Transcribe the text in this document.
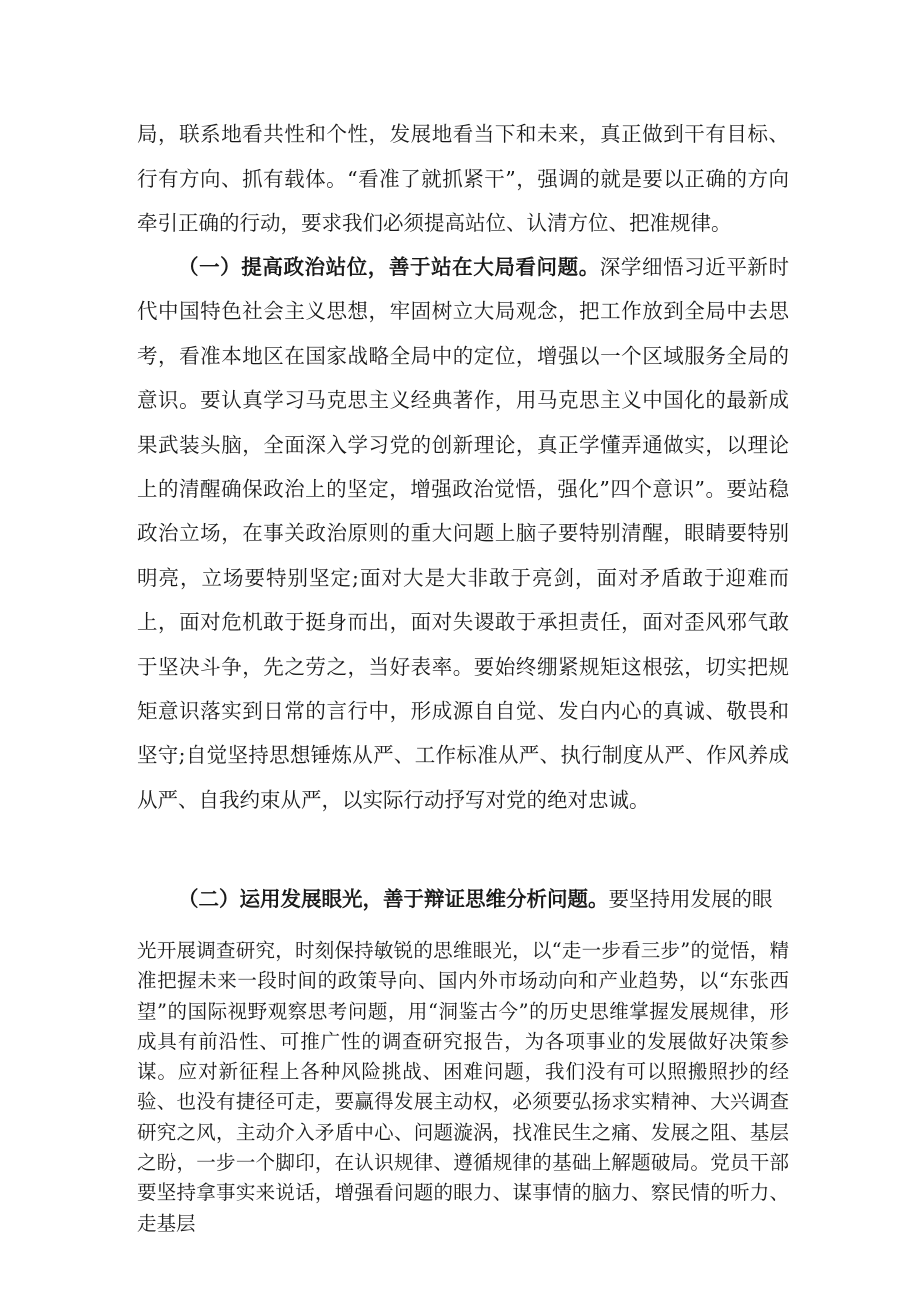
局，联系地看共性和个性，发展地看当下和未来，真正做到干有目标、行有方向、抓有载体。“看准了就抓紧干”，强调的就是要以正确的方向牵引正确的行动，要求我们必须提高站位、认清方位、把准规律。

（一）提高政治站位，善于站在大局看问题。深学细悟习近平新时代中国特色社会主义思想，牢固树立大局观念，把工作放到全局中去思考，看准本地区在国家战略全局中的定位，增强以一个区域服务全局的意识。要认真学习马克思主义经典著作，用马克思主义中国化的最新成果武装头脑，全面深入学习党的创新理论，真正学懂弄通做实，以理论上的清醒确保政治上的坚定，增强政治觉悟，强化”四个意识”。要站稳政治立场，在事关政治原则的重大问题上脑子要特别清醒，眼睛要特别明亮，立场要特别坚定;面对大是大非敢于亮剑，面对矛盾敢于迎难而上，面对危机敢于挺身而出，面对失谡敢于承担责任，面对歪风邪气敢于坚决斗争，先之劳之，当好表率。要始终绷紧规矩这根弦，切实把规矩意识落实到日常的言行中，形成源自自觉、发白内心的真诚、敬畏和坚守;自觉坚持思想锤炼从严、工作标准从严、执行制度从严、作风养成从严、自我约束从严，以实际行动抒写对党的绝对忠诚。

（二）运用发展眼光，善于辩证思维分析问题。要坚持用发展的眼

光开展调查研究，时刻保持敏锐的思维眼光，以“走一步看三步”的觉悟，精准把握未来一段时间的政策导向、国内外市场动向和产业趋势，以“东张西望”的国际视野观察思考问题，用“洞鉴古今”的历史思维掌握发展规律，形成具有前沿性、可推广性的调查研究报告，为各项事业的发展做好决策参谋。应对新征程上各种风险挑战、困难问题，我们没有可以照搬照抄的经验、也没有捷径可走，要赢得发展主动权，必须要弘扬求实精神、大兴调查研究之风，主动介入矛盾中心、问题漩涡，找准民生之痛、发展之阻、基层之盼，一步一个脚印，在认识规律、遵循规律的基础上解题破局。党员干部要坚持拿事实来说话，增强看问题的眼力、谋事情的脑力、察民情的听力、走基层
